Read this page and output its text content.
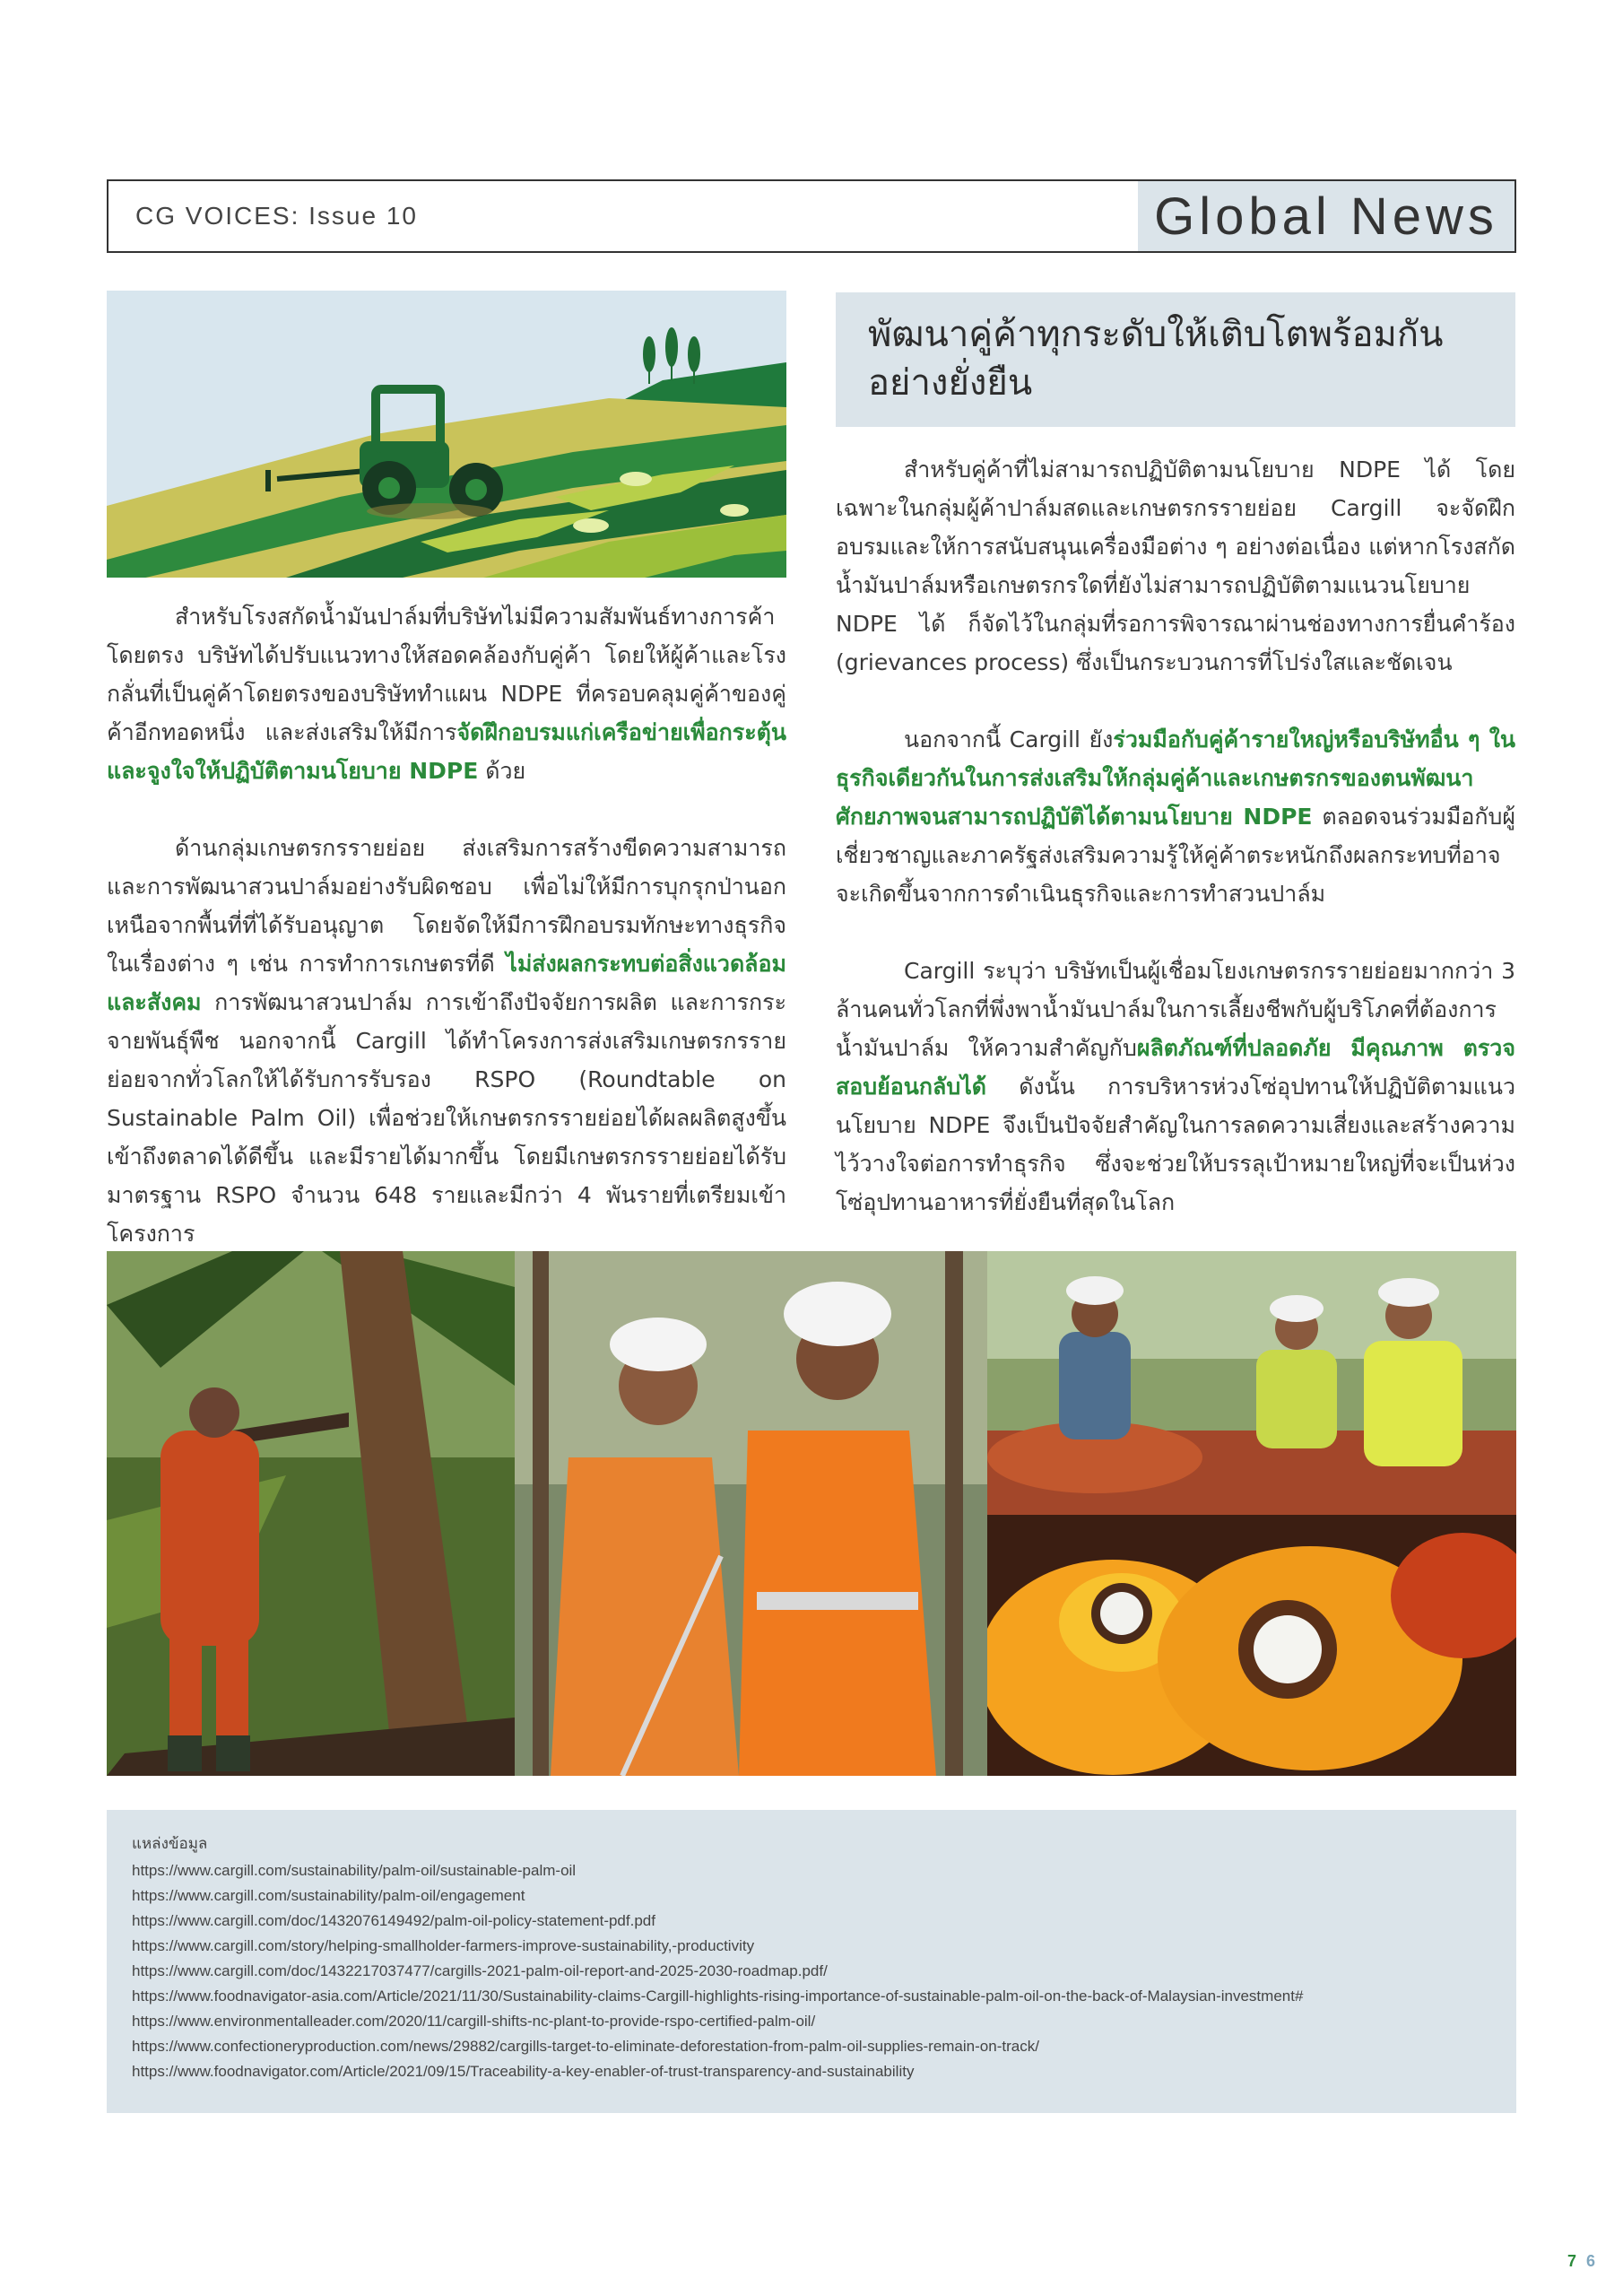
CG VOICES: Issue 10	Global News
พัฒนาคู่ค้าทุกระดับให้เติบโตพร้อมกัน
อย่างยั่งยืน

สำหรับโรงสกัดน้ำมันปาล์มที่บริษัทไม่มีความสัมพันธ์ทางการค้าโดยตรง บริษัทได้ปรับแนวทางให้สอดคล้องกับคู่ค้า โดยให้ผู้ค้าและโรงกลั่นที่เป็นคู่ค้าโดยตรงของบริษัททำแผน NDPE ที่ครอบคลุมคู่ค้าของคู่ค้าอีกทอดหนึ่ง และส่งเสริมให้มีการจัดฝึกอบรมแก่เครือข่ายเพื่อกระตุ้นและจูงใจให้ปฏิบัติตามนโยบาย NDPE ด้วย

ด้านกลุ่มเกษตรกรรายย่อย ส่งเสริมการสร้างขีดความสามารถและการพัฒนาสวนปาล์มอย่างรับผิดชอบ เพื่อไม่ให้มีการบุกรุกป่านอกเหนือจากพื้นที่ที่ได้รับอนุญาต โดยจัดให้มีการฝึกอบรมทักษะทางธุรกิจในเรื่องต่าง ๆ เช่น การทำการเกษตรที่ดี ไม่ส่งผลกระทบต่อสิ่งแวดล้อมและสังคม การพัฒนาสวนปาล์ม การเข้าถึงปัจจัยการผลิต และการกระจายพันธุ์พืช นอกจากนี้ Cargill ได้ทำโครงการส่งเสริมเกษตรกรรายย่อยจากทั่วโลกให้ได้รับการรับรอง RSPO (Roundtable on Sustainable Palm Oil) เพื่อช่วยให้เกษตรกรรายย่อยได้ผลผลิตสูงขึ้น เข้าถึงตลาดได้ดีขึ้น และมีรายได้มากขึ้น โดยมีเกษตรกรรายย่อยได้รับมาตรฐาน RSPO จำนวน 648 รายและมีกว่า 4 พันรายที่เตรียมเข้าโครงการ

สำหรับคู่ค้าที่ไม่สามารถปฏิบัติตามนโยบาย NDPE ได้ โดยเฉพาะในกลุ่มผู้ค้าปาล์มสดและเกษตรกรรายย่อย Cargill จะจัดฝึกอบรมและให้การสนับสนุนเครื่องมือต่าง ๆ อย่างต่อเนื่อง แต่หากโรงสกัดน้ำมันปาล์มหรือเกษตรกรใดที่ยังไม่สามารถปฏิบัติตามแนวนโยบาย NDPE ได้ ก็จัดไว้ในกลุ่มที่รอการพิจารณาผ่านช่องทางการยื่นคำร้อง (grievances process) ซึ่งเป็นกระบวนการที่โปร่งใสและชัดเจน

นอกจากนี้ Cargill ยังร่วมมือกับคู่ค้ารายใหญ่หรือบริษัทอื่น ๆ ในธุรกิจเดียวกันในการส่งเสริมให้กลุ่มคู่ค้าและเกษตรกรของตนพัฒนาศักยภาพจนสามารถปฏิบัติได้ตามนโยบาย NDPE ตลอดจนร่วมมือกับผู้เชี่ยวชาญและภาครัฐส่งเสริมความรู้ให้คู่ค้าตระหนักถึงผลกระทบที่อาจจะเกิดขึ้นจากการดำเนินธุรกิจและการทำสวนปาล์ม

Cargill ระบุว่า บริษัทเป็นผู้เชื่อมโยงเกษตรกรรายย่อยมากกว่า 3 ล้านคนทั่วโลกที่พึ่งพาน้ำมันปาล์มในการเลี้ยงชีพกับผู้บริโภคที่ต้องการน้ำมันปาล์ม ให้ความสำคัญกับผลิตภัณฑ์ที่ปลอดภัย มีคุณภาพ ตรวจสอบย้อนกลับได้ ดังนั้น การบริหารห่วงโซ่อุปทานให้ปฏิบัติตามแนวนโยบาย NDPE จึงเป็นปัจจัยสำคัญในการลดความเสี่ยงและสร้างความไว้วางใจต่อการทำธุรกิจ ซึ่งจะช่วยให้บรรลุเป้าหมายใหญ่ที่จะเป็นห่วงโซ่อุปทานอาหารที่ยั่งยืนที่สุดในโลก

แหล่งข้อมูล
https://www.cargill.com/sustainability/palm-oil/sustainable-palm-oil
https://www.cargill.com/sustainability/palm-oil/engagement
https://www.cargill.com/doc/1432076149492/palm-oil-policy-statement-pdf.pdf
https://www.cargill.com/story/helping-smallholder-farmers-improve-sustainability,-productivity
https://www.cargill.com/doc/1432217037477/cargills-2021-palm-oil-report-and-2025-2030-roadmap.pdf/
https://www.foodnavigator-asia.com/Article/2021/11/30/Sustainability-claims-Cargill-highlights-rising-importance-of-sustainable-palm-oil-on-the-back-of-Malaysian-investment#
https://www.environmentalleader.com/2020/11/cargill-shifts-nc-plant-to-provide-rspo-certified-palm-oil/
https://www.confectioneryproduction.com/news/29882/cargills-target-to-eliminate-deforestation-from-palm-oil-supplies-remain-on-track/
https://www.foodnavigator.com/Article/2021/09/15/Traceability-a-key-enabler-of-trust-transparency-and-sustainability
7 6
